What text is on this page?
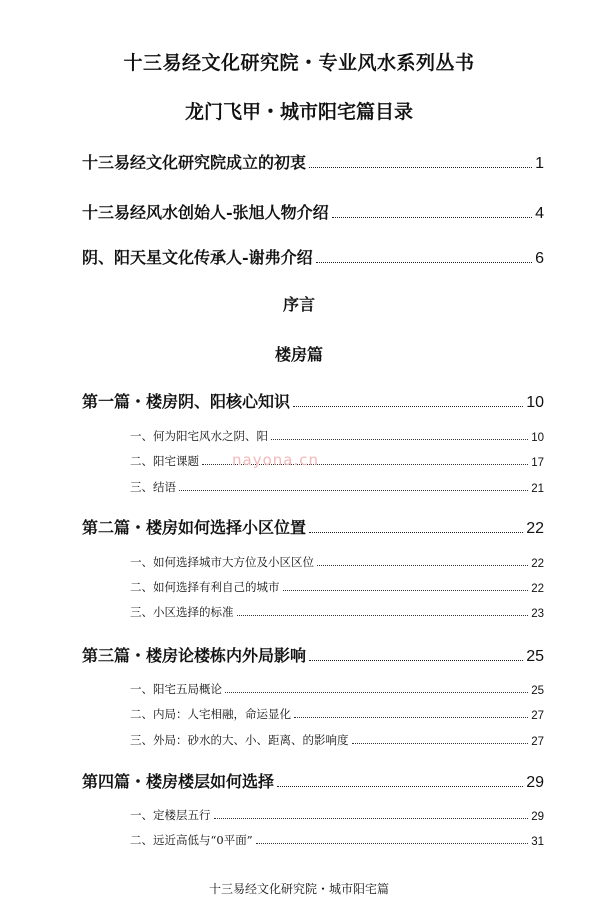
十三易经文化研究院・专业风水系列丛书
龙门飞甲・城市阳宅篇目录
十三易经文化研究院成立的初衷	1
十三易经风水创始人-张旭人物介绍	4
阴、阳天星文化传承人-谢弗介绍	6
序言
楼房篇
第一篇・楼房阴、阳核心知识	10
一、何为阳宅风水之阴、阳	10
二、阳宅课题	17
三、结语	21
第二篇・楼房如何选择小区位置	22
一、如何选择城市大方位及小区区位	22
二、如何选择有利自己的城市	22
三、小区选择的标准	23
第三篇・楼房论楼栋内外局影响	25
一、阳宅五局概论	25
二、内局：人宅相融，命运显化	27
三、外局：砂水的大、小、距离、的影响度	27
第四篇・楼房楼层如何选择	29
一、定楼层五行	29
二、远近高低与“0平面”	31
nayona.cn
十三易经文化研究院・城市阳宅篇
